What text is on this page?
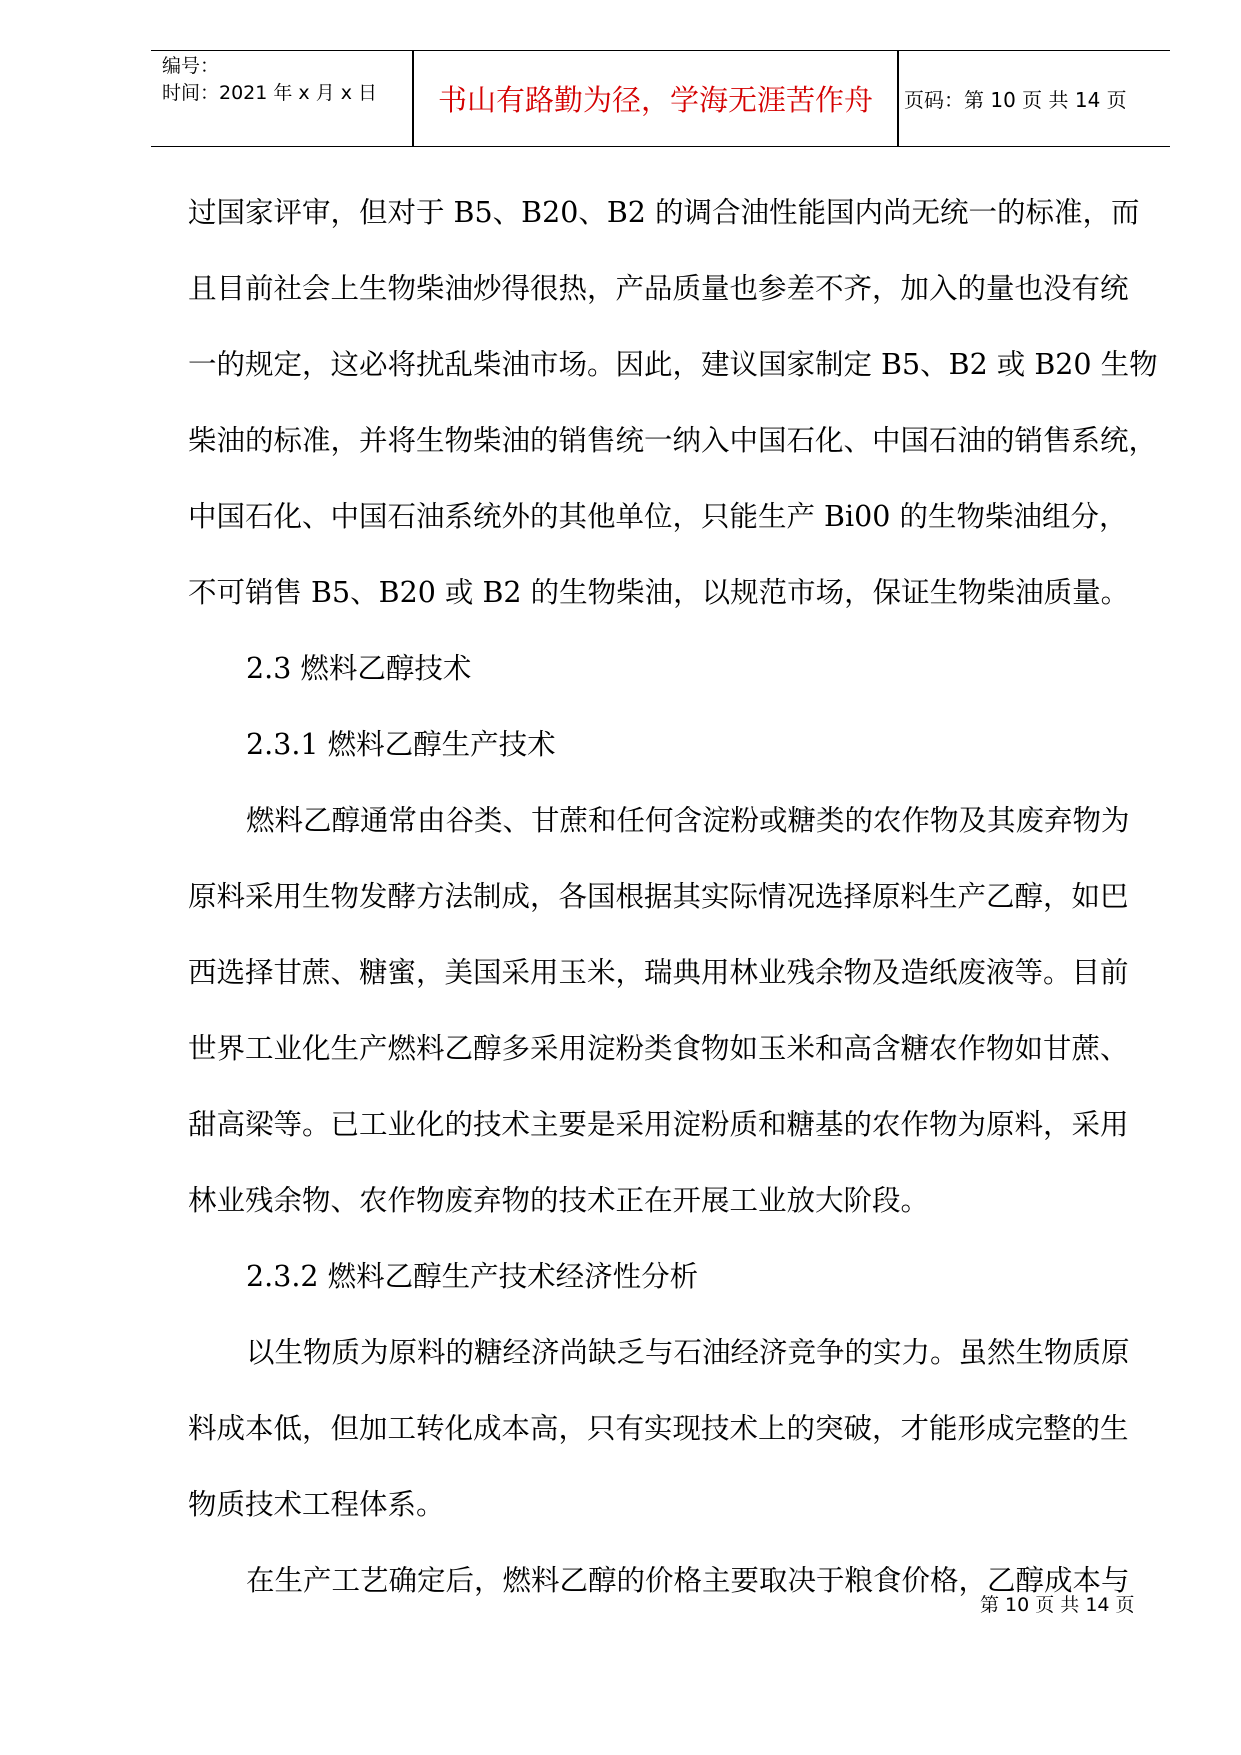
编号：
时间：2021 年 x 月 x 日	书山有路勤为径，学海无涯苦作舟	页码：第 10 页 共 14 页
过国家评审，但对于 B5、B20、B2 的调合油性能国内尚无统一的标准，而
且目前社会上生物柴油炒得很热，产品质量也参差不齐，加入的量也没有统
一的规定，这必将扰乱柴油市场。因此，建议国家制定 B5、B2 或 B20 生物
柴油的标准，并将生物柴油的销售统一纳入中国石化、中国石油的销售系统，
中国石化、中国石油系统外的其他单位，只能生产 Bi00 的生物柴油组分，
不可销售 B5、B20 或 B2 的生物柴油，以规范市场，保证生物柴油质量。
2.3 燃料乙醇技术
2.3.1 燃料乙醇生产技术
燃料乙醇通常由谷类、甘蔗和任何含淀粉或糖类的农作物及其废弃物为
原料采用生物发酵方法制成，各国根据其实际情况选择原料生产乙醇，如巴
西选择甘蔗、糖蜜，美国采用玉米，瑞典用林业残余物及造纸废液等。目前
世界工业化生产燃料乙醇多采用淀粉类食物如玉米和高含糖农作物如甘蔗、
甜高梁等。已工业化的技术主要是采用淀粉质和糖基的农作物为原料，采用
林业残余物、农作物废弃物的技术正在开展工业放大阶段。
2.3.2 燃料乙醇生产技术经济性分析
以生物质为原料的糖经济尚缺乏与石油经济竞争的实力。虽然生物质原
料成本低，但加工转化成本高，只有实现技术上的突破，才能形成完整的生
物质技术工程体系。
在生产工艺确定后，燃料乙醇的价格主要取决于粮食价格，乙醇成本与
第 10 页 共 14 页
